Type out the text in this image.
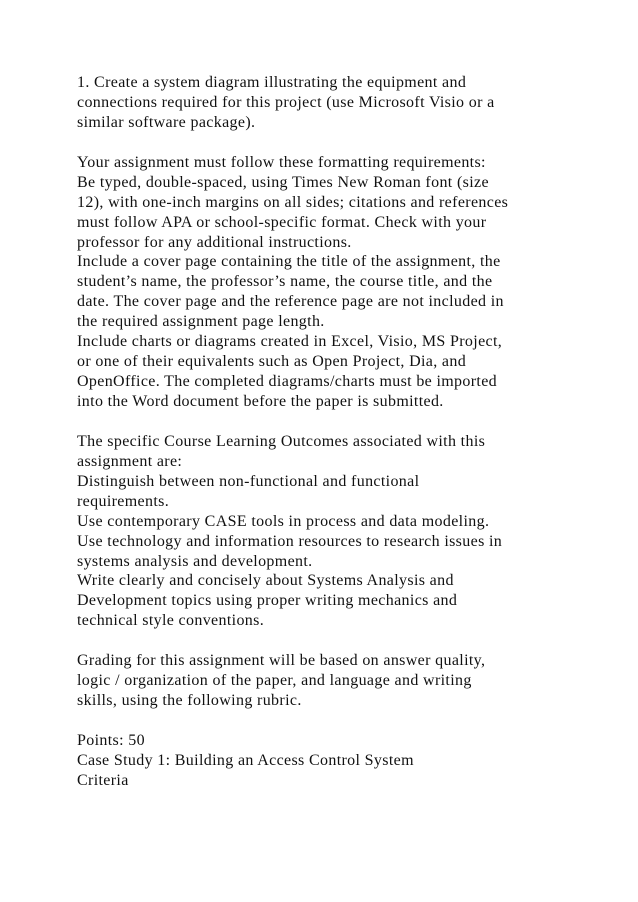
1. Create a system diagram illustrating the equipment and
connections required for this project (use Microsoft Visio or a
similar software package).
Your assignment must follow these formatting requirements:
Be typed, double-spaced, using Times New Roman font (size
12), with one-inch margins on all sides; citations and references
must follow APA or school-specific format. Check with your
professor for any additional instructions.
Include a cover page containing the title of the assignment, the
student’s name, the professor’s name, the course title, and the
date. The cover page and the reference page are not included in
the required assignment page length.
Include charts or diagrams created in Excel, Visio, MS Project,
or one of their equivalents such as Open Project, Dia, and
OpenOffice. The completed diagrams/charts must be imported
into the Word document before the paper is submitted.
The specific Course Learning Outcomes associated with this
assignment are:
Distinguish between non-functional and functional
requirements.
Use contemporary CASE tools in process and data modeling.
Use technology and information resources to research issues in
systems analysis and development.
Write clearly and concisely about Systems Analysis and
Development topics using proper writing mechanics and
technical style conventions.
Grading for this assignment will be based on answer quality,
logic / organization of the paper, and language and writing
skills, using the following rubric.
Points: 50
Case Study 1: Building an Access Control System
Criteria
